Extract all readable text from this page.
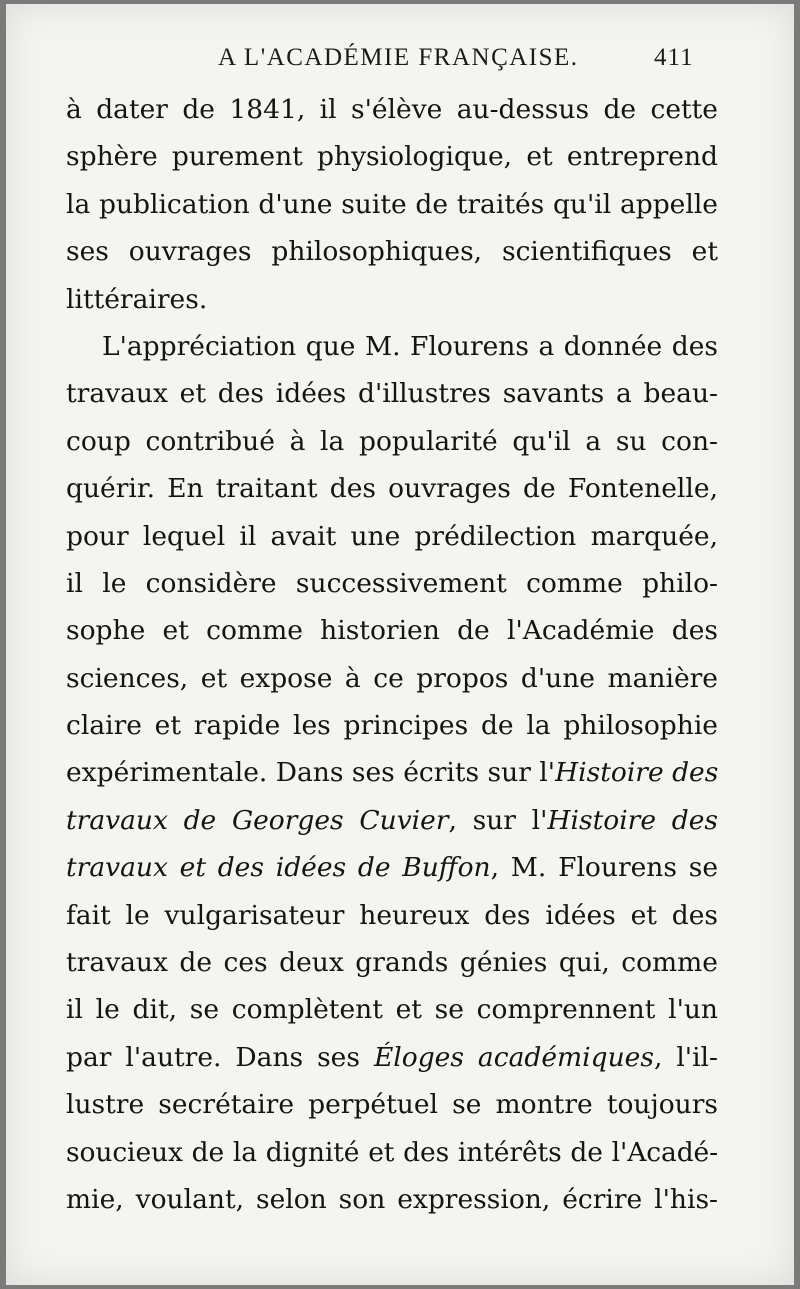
A L'ACADÉMIE FRANÇAISE.	411
à dater de 1841, il s'élève au-dessus de cette
sphère purement physiologique, et entreprend
la publication d'une suite de traités qu'il appelle
ses ouvrages philosophiques, scientifiques et
littéraires.
L'appréciation que M. Flourens a donnée des
travaux et des idées d'illustres savants a beau-
coup contribué à la popularité qu'il a su con-
quérir. En traitant des ouvrages de Fontenelle,
pour lequel il avait une prédilection marquée,
il le considère successivement comme philo-
sophe et comme historien de l'Académie des
sciences, et expose à ce propos d'une manière
claire et rapide les principes de la philosophie
expérimentale. Dans ses écrits sur l'Histoire des
travaux de Georges Cuvier, sur l'Histoire des
travaux et des idées de Buffon, M. Flourens se
fait le vulgarisateur heureux des idées et des
travaux de ces deux grands génies qui, comme
il le dit, se complètent et se comprennent l'un
par l'autre. Dans ses Éloges académiques, l'il-
lustre secrétaire perpétuel se montre toujours
soucieux de la dignité et des intérêts de l'Acadé-
mie, voulant, selon son expression, écrire l'his-
